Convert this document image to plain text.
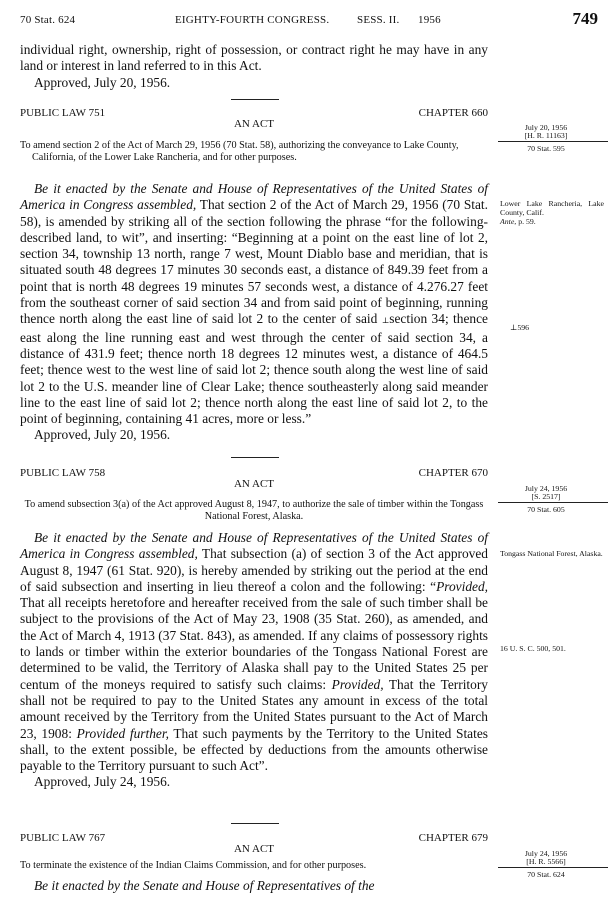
70 Stat. 624	EIGHTY-FOURTH CONGRESS.	SESS. II. 1956	749

individual right, ownership, right of possession, or contract right he may have in any land or interest in land referred to in this Act.

Approved, July 20, 1956.

PUBLIC LAW 751	CHAPTER 660
AN ACT
To amend section 2 of the Act of March 29, 1956 (70 Stat. 58), authorizing the conveyance to Lake County, California, of the Lower Lake Rancheria, and for other purposes.

Be it enacted by the Senate and House of Representatives of the United States of America in Congress assembled, That section 2 of the Act of March 29, 1956 (70 Stat. 58), is amended by striking all of the section following the phrase “for the following-described land, to wit”, and inserting: “Beginning at a point on the east line of lot 2, section 34, township 13 north, range 7 west, Mount Diablo base and meridian, that is situated south 48 degrees 17 minutes 30 seconds east, a distance of 849.39 feet from a point that is north 48 degrees 19 minutes 57 seconds west, a distance of 4.276.27 feet from the southeast corner of said section 34 and from said point of beginning, running thence north along the east line of said lot 2 to the center of said ⊥section 34; thence east along the line running east and west through the center of said section 34, a distance of 431.9 feet; thence north 18 degrees 12 minutes west, a distance of 464.5 feet; thence west to the west line of said lot 2; thence south along the west line of said lot 2 to the U.S. meander line of Clear Lake; thence southeasterly along said meander line to the east line of said lot 2; thence north along the east line of said lot 2, to the point of beginning, containing 41 acres, more or less.”

Approved, July 20, 1956.

July 20, 1956
[H. R. 11163]
70 Stat. 595
Lower Lake Rancheria, Lake County, Calif.
Ante, p. 59.
⊥596
PUBLIC LAW 758	CHAPTER 670
AN ACT
To amend subsection 3(a) of the Act approved August 8, 1947, to authorize the sale of timber within the Tongass National Forest, Alaska.

Be it enacted by the Senate and House of Representatives of the United States of America in Congress assembled, That subsection (a) of section 3 of the Act approved August 8, 1947 (61 Stat. 920), is hereby amended by striking out the period at the end of said subsection and inserting in lieu thereof a colon and the following: “Provided, That all receipts heretofore and hereafter received from the sale of such timber shall be subject to the provisions of the Act of May 23, 1908 (35 Stat. 260), as amended, and the Act of March 4, 1913 (37 Stat. 843), as amended. If any claims of possessory rights to lands or timber within the exterior boundaries of the Tongass National Forest are determined to be valid, the Territory of Alaska shall pay to the United States 25 per centum of the moneys required to satisfy such claims: Provided, That the Territory shall not be required to pay to the United States any amount in excess of the total amount received by the Territory from the United States pursuant to the Act of March 23, 1908: Provided further, That such payments by the Territory to the United States shall, to the extent possible, be effected by deductions from the amounts otherwise payable to the Territory pursuant to such Act”.

Approved, July 24, 1956.

July 24, 1956
[S. 2517]
70 Stat. 605
Tongass National Forest, Alaska.
16 U. S. C. 500, 501.
PUBLIC LAW 767	CHAPTER 679
AN ACT
To terminate the existence of the Indian Claims Commission, and for other purposes.

Be it enacted by the Senate and House of Representatives of the

July 24, 1956
[H. R. 5566]
70 Stat. 624
